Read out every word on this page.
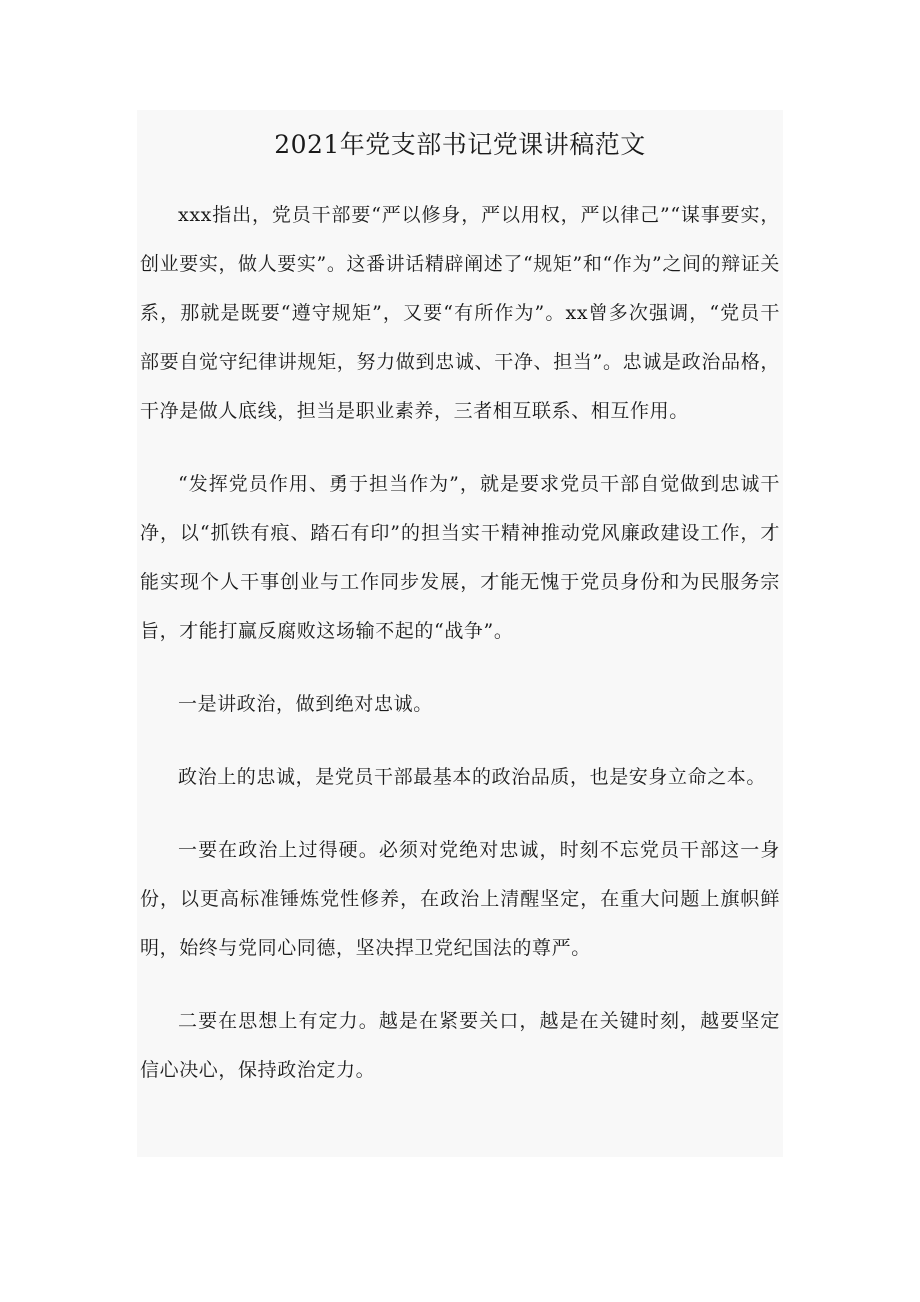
2021年党支部书记党课讲稿范文

xxx指出，党员干部要“严以修身，严以用权，严以律己”“谋事要实，创业要实，做人要实”。这番讲话精辟阐述了“规矩”和“作为”之间的辩证关系，那就是既要“遵守规矩”，又要“有所作为”。xx曾多次强调，“党员干部要自觉守纪律讲规矩，努力做到忠诚、干净、担当”。忠诚是政治品格，干净是做人底线，担当是职业素养，三者相互联系、相互作用。

“发挥党员作用、勇于担当作为”，就是要求党员干部自觉做到忠诚干净，以“抓铁有痕、踏石有印”的担当实干精神推动党风廉政建设工作，才能实现个人干事创业与工作同步发展，才能无愧于党员身份和为民服务宗旨，才能打赢反腐败这场输不起的“战争”。

一是讲政治，做到绝对忠诚。

政治上的忠诚，是党员干部最基本的政治品质，也是安身立命之本。

一要在政治上过得硬。必须对党绝对忠诚，时刻不忘党员干部这一身份，以更高标准锤炼党性修养，在政治上清醒坚定，在重大问题上旗帜鲜明，始终与党同心同德，坚决捍卫党纪国法的尊严。

二要在思想上有定力。越是在紧要关口，越是在关键时刻，越要坚定信心决心，保持政治定力。
